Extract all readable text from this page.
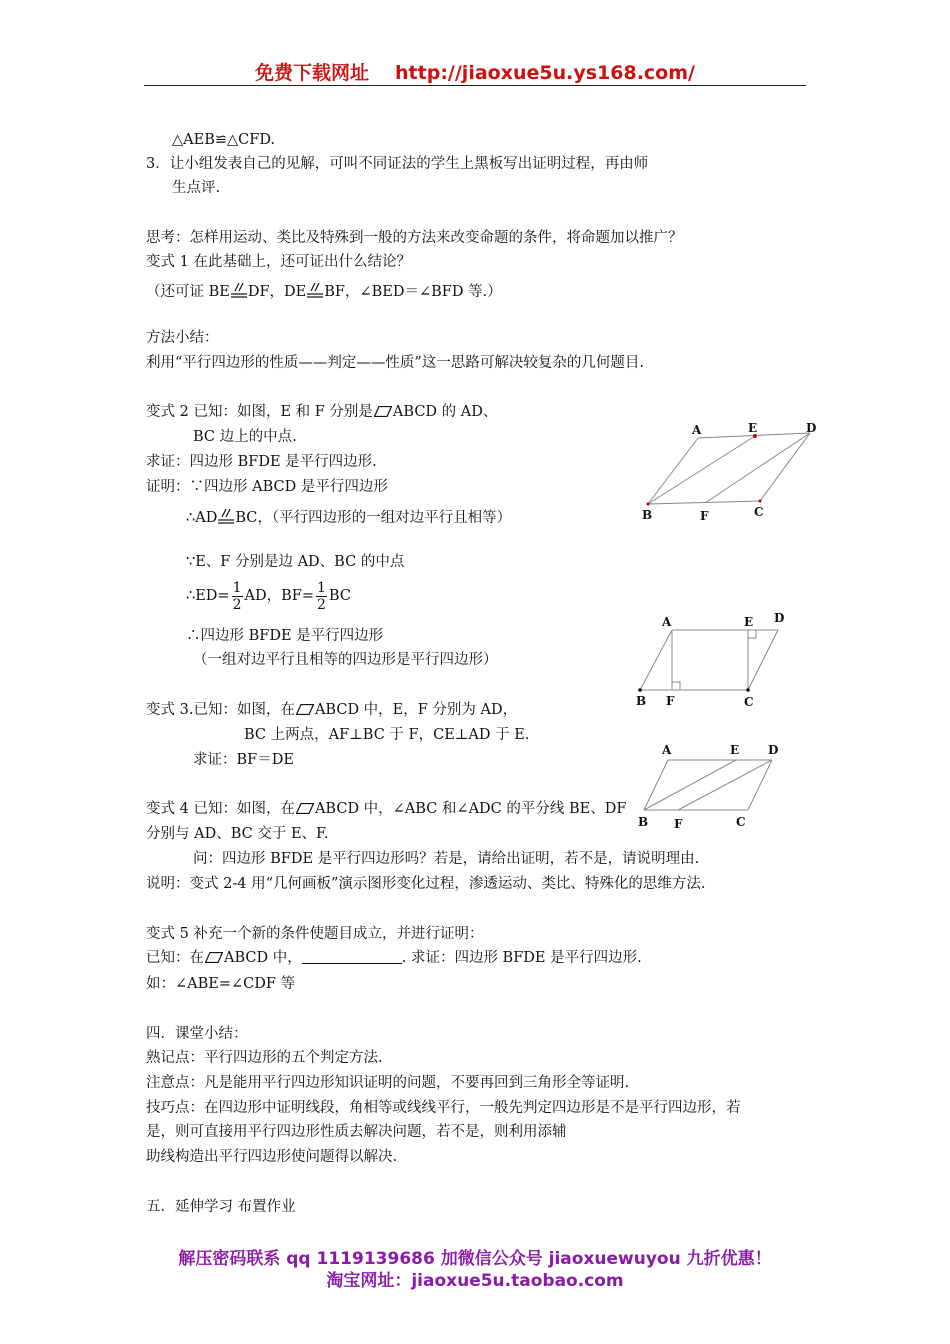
免费下载网址 http://jiaoxue5u.ys168.com/
△AEB≌△CFD.
3．让小组发表自己的见解，可叫不同证法的学生上黑板写出证明过程，再由师
生点评.
思考：怎样用运动、类比及特殊到一般的方法来改变命题的条件，将命题加以推广？
变式 1 在此基础上，还可证出什么结论？
（还可证 BE DF，DE BF，∠BED＝∠BFD 等.）
方法小结：
利用“平行四边形的性质——判定——性质”这一思路可解决较复杂的几何题目.
变式 2 已知：如图，E 和 F 分别是 ABCD 的 AD、
BC 边上的中点.
求证：四边形 BFDE 是平行四边形.
证明：∵四边形 ABCD 是平行四边形
∴AD BC，（平行四边形的一组对边平行且相等）
∵E、F 分别是边 AD、BC 的中点
∴ED= $\frac{1}{2}$ AD，$BF= \frac{1}{2}$ BC
∴四边形 BFDE 是平行四边形
（一组对边平行且相等的四边形是平行四边形）
变式 3.已知：如图，在 ABCD 中，E，F 分别为 AD，
BC 上两点，AF⊥BC 于 F，CE⊥AD 于 E.
求证：BF＝DE
变式 4 已知：如图，在 ABCD 中，∠ABC 和∠ADC 的平分线 BE、DF
分别与 AD、BC 交于 E、F.
问：四边形 BFDE 是平行四边形吗？若是，请给出证明，若不是，请说明理由.
说明：变式 2-4 用“几何画板”演示图形变化过程，渗透运动、类比、特殊化的思维方法.
变式 5 补充一个新的条件使题目成立，并进行证明：
已知：在 ABCD 中，	. 求证：四边形 BFDE 是平行四边形.
如：∠ABE=∠CDF 等
四．课堂小结：
熟记点：平行四边形的五个判定方法.
注意点：凡是能用平行四边形知识证明的问题，不要再回到三角形全等证明.
技巧点：在四边形中证明线段，角相等或线线平行，一般先判定四边形是不是平行四边形，若
是，则可直接用平行四边形性质去解决问题，若不是，则利用添辅
助线构造出平行四边形使问题得以解决.
五．延伸学习 布置作业
A	E	D
B	F	C
A	E D
B F	C
A	E D
B F	C
解压密码联系 qq 1119139686 加微信公众号 jiaoxuewuyou 九折优惠！
淘宝网址：jiaoxue5u.taobao.com
